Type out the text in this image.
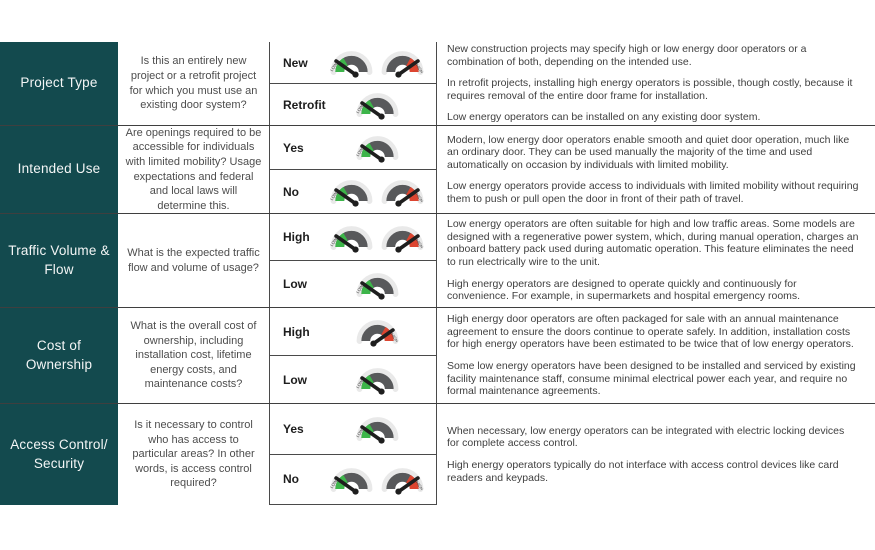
Project Type
Is this an entirely new project or a retrofit project for which you must use an existing door system?
New
Retrofit

New construction projects may specify high or low energy door operators or a combination of both, depending on the intended use.

In retrofit projects, installing high energy operators is possible, though costly, because it requires removal of the entire door frame for installation.

Low energy operators can be installed on any existing door system.

Intended Use
Are openings required to be accessible for individuals with limited mobility? Usage expectations and federal and local laws will determine this.
Yes
No

Modern, low energy door operators enable smooth and quiet door operation, much like an ordinary door. They can be used manually the majority of the time and used automatically on occasion by individuals with limited mobility.

Low energy operators provide access to individuals with limited mobility without requiring them to push or pull open the door in front of their path of travel.

Traffic Volume & Flow
What is the expected traffic flow and volume of usage?
High
Low

Low energy operators are often suitable for high and low traffic areas. Some models are designed with a regenerative power system, which, during manual operation, charges an onboard battery pack used during automatic operation. This feature eliminates the need to run electrically wire to the unit.

High energy operators are designed to operate quickly and continuously for convenience. For example, in supermarkets and hospital emergency rooms.

Cost of Ownership
What is the overall cost of ownership, including installation cost, lifetime energy costs, and maintenance costs?
High
Low

High energy door operators are often packaged for sale with an annual maintenance agreement to ensure the doors continue to operate safely. In addition, installation costs for high energy operators have been estimated to be twice that of low energy operators.

Some low energy operators have been designed to be installed and serviced by existing facility maintenance staff, consume minimal electrical power each year, and require no formal maintenance agreements.

Access Control/ Security
Is it necessary to control who has access to particular areas? In other words, is access control required?
Yes
No

When necessary, low energy operators can be integrated with electric locking devices for complete access control.

High energy operators typically do not interface with access control devices like card readers and keypads.
